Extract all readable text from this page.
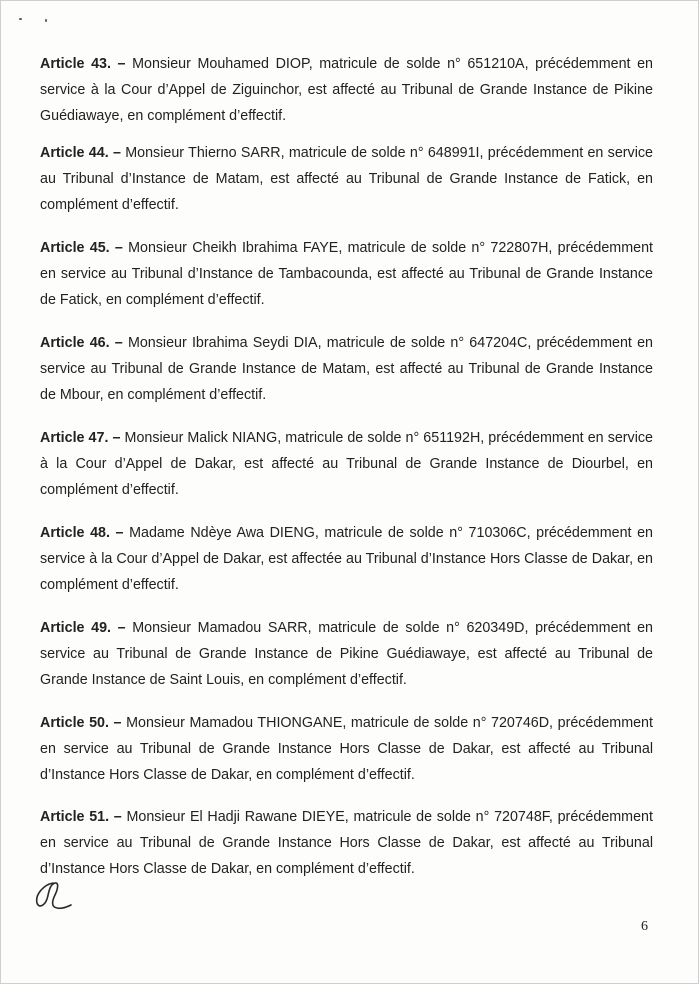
Article 43. – Monsieur Mouhamed DIOP, matricule de solde n° 651210A, précédemment en service à la Cour d’Appel de Ziguinchor, est affecté au Tribunal de Grande Instance de Pikine Guédiawaye, en complément d’effectif.

Article 44. – Monsieur Thierno SARR, matricule de solde n° 648991I, précédemment en service au Tribunal d’Instance de Matam, est affecté au Tribunal de Grande Instance de Fatick, en complément d’effectif.

Article 45. – Monsieur Cheikh Ibrahima FAYE, matricule de solde n° 722807H, précédemment en service au Tribunal d’Instance de Tambacounda, est affecté au Tribunal de Grande Instance de Fatick, en complément d’effectif.

Article 46. – Monsieur Ibrahima Seydi DIA, matricule de solde n° 647204C, précédemment en service au Tribunal de Grande Instance de Matam, est affecté au Tribunal de Grande Instance de Mbour, en complément d’effectif.

Article 47. – Monsieur Malick NIANG, matricule de solde n° 651192H, précédemment en service à la Cour d’Appel de Dakar, est affecté au Tribunal de Grande Instance de Diourbel, en complément d’effectif.

Article 48. – Madame Ndèye Awa DIENG, matricule de solde n° 710306C, précédemment en service à la Cour d’Appel de Dakar, est affectée au Tribunal d’Instance Hors Classe de Dakar, en complément d’effectif.

Article 49. – Monsieur Mamadou SARR, matricule de solde n° 620349D, précédemment en service au Tribunal de Grande Instance de Pikine Guédiawaye, est affecté au Tribunal de Grande Instance de Saint Louis, en complément d’effectif.

Article 50. – Monsieur Mamadou THIONGANE, matricule de solde n° 720746D, précédemment en service au Tribunal de Grande Instance Hors Classe de Dakar, est affecté au Tribunal d’Instance Hors Classe de Dakar, en complément d’effectif.

Article 51. – Monsieur El Hadji Rawane DIEYE, matricule de solde n° 720748F, précédemment en service au Tribunal de Grande Instance Hors Classe de Dakar, est affecté au Tribunal d’Instance Hors Classe de Dakar, en complément d’effectif.

6
